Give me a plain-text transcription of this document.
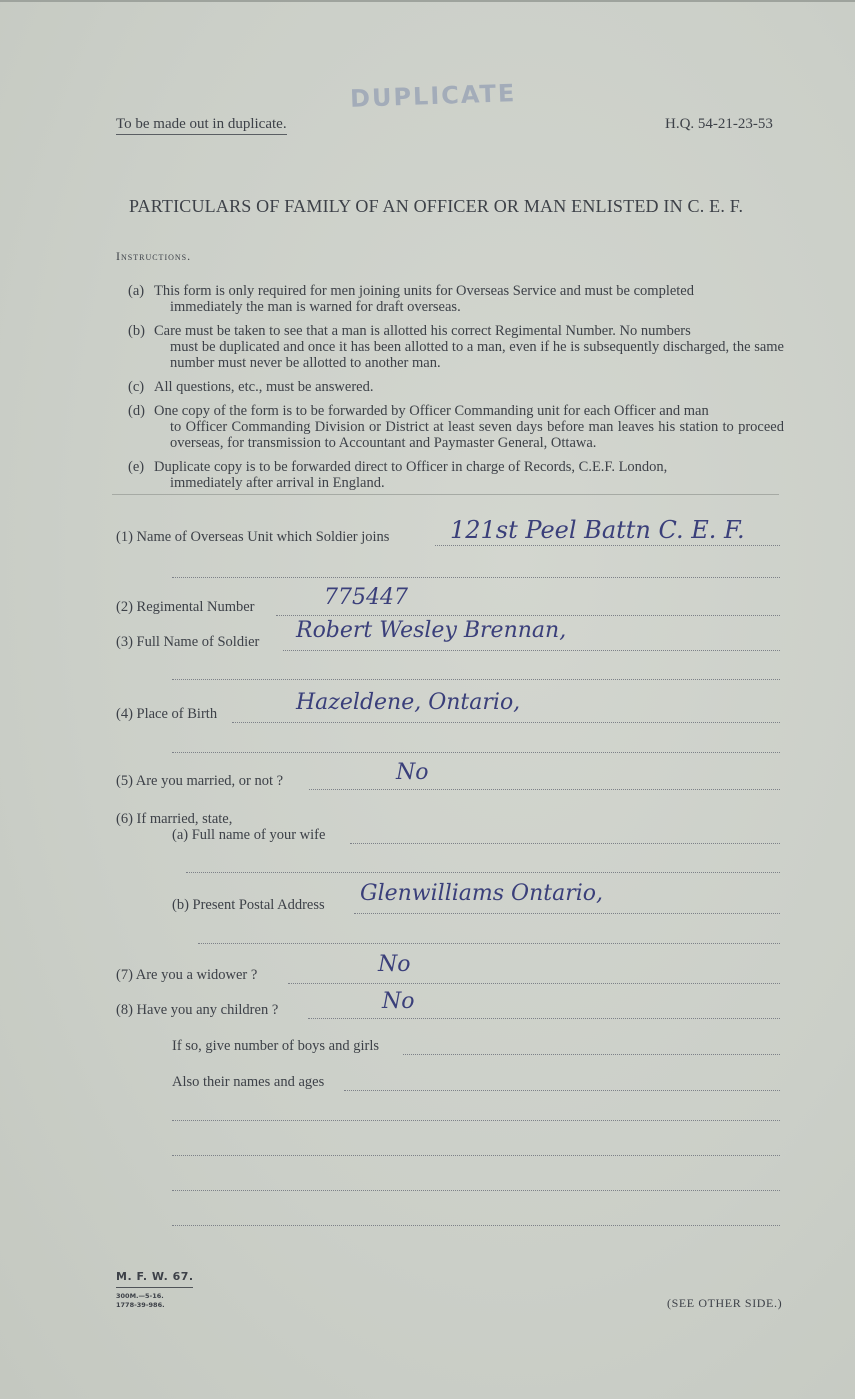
DUPLICATE
To be made out in duplicate.	H.Q. 54-21-23-53
PARTICULARS OF FAMILY OF AN OFFICER OR MAN ENLISTED IN C. E. F.
Instructions.
(a) This form is only required for men joining units for Overseas Service and must be completed
immediately the man is warned for draft overseas.
(b) Care must be taken to see that a man is allotted his correct Regimental Number. No numbers
must be duplicated and once it has been allotted to a man, even if he is subsequently discharged, the same number must never be allotted to another man.
(c) All questions, etc., must be answered.
(d) One copy of the form is to be forwarded by Officer Commanding unit for each Officer and man
to Officer Commanding Division or District at least seven days before man leaves his station to proceed overseas, for transmission to Accountant and Paymaster General, Ottawa.
(e) Duplicate copy is to be forwarded direct to Officer in charge of Records, C.E.F. London,
immediately after arrival in England.
(1) Name of Overseas Unit which Soldier joins	121st Peel Battn C. E. F.
(2) Regimental Number	775447
(3) Full Name of Soldier Robert Wesley Brennan,
(4) Place of Birth	Hazeldene, Ontario,
(5) Are you married, or not ?	No
(6) If married, state,
(a) Full name of your wife
(b) Present Postal Address Glenwilliams Ontario,
(7) Are you a widower ?	No
(8) Have you any children ?	No
If so, give number of boys and girls
Also their names and ages
M. F. W. 67.
300M.—5-16.
1778-39-986.	(SEE OTHER SIDE.)
